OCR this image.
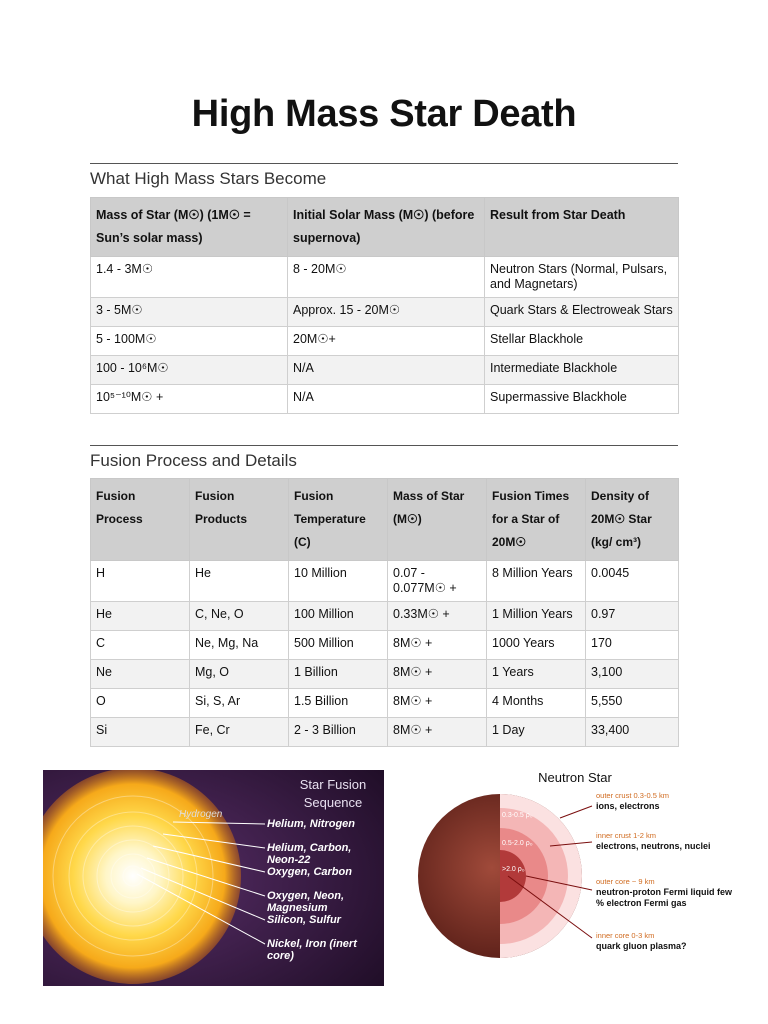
High Mass Star Death
What High Mass Stars Become
Mass of Star (M☉) (1M☉ = Sun’s solar mass)	Initial Solar Mass (M☉) (before supernova)	Result from Star Death
1.4 - 3M☉	8 - 20M☉	Neutron Stars (Normal, Pulsars, and Magnetars)
3 - 5M☉	Approx. 15 - 20M☉	Quark Stars & Electroweak Stars
5 - 100M☉	20M☉+	Stellar Blackhole
100 - 10⁶M☉	N/A	Intermediate Blackhole
10⁵⁻¹⁰M☉ +	N/A	Supermassive Blackhole
Fusion Process and Details
Fusion Process	Fusion Products	Fusion Temperature (C)	Mass of Star (M☉)	Fusion Times for a Star of 20M☉	Density of 20M☉ Star (kg/ cm³)
H	He	10 Million	0.07 - 0.077M☉ +	8 Million Years	0.0045
He	C, Ne, O	100 Million	0.33M☉ +	1 Million Years	0.97
C	Ne, Mg, Na	500 Million	8M☉ +	1000 Years	170
Ne	Mg, O	1 Billion	8M☉ +	1 Years	3,100
O	Si, S, Ar	1.5 Billion	8M☉ +	4 Months	5,550
Si	Fe, Cr	2 - 3 Billion	8M☉ +	1 Day	33,400
Star Fusion Sequence
Hydrogen
Helium, Nitrogen
Helium, Carbon, Neon-22
Oxygen, Carbon
Oxygen, Neon, Magnesium
Silicon, Sulfur
Nickel, Iron (inert core)
Neutron Star
outer crust 0.3-0.5 km
ions, electrons
inner crust 1-2 km
electrons, neutrons, nuclei
outer core ~ 9 km
neutron-proton Fermi liquid few % electron Fermi gas
inner core 0-3 km
quark gluon plasma?
0.3-0.5 ρ₀
0.5-2.0 ρ₀
>2.0 ρ₀
